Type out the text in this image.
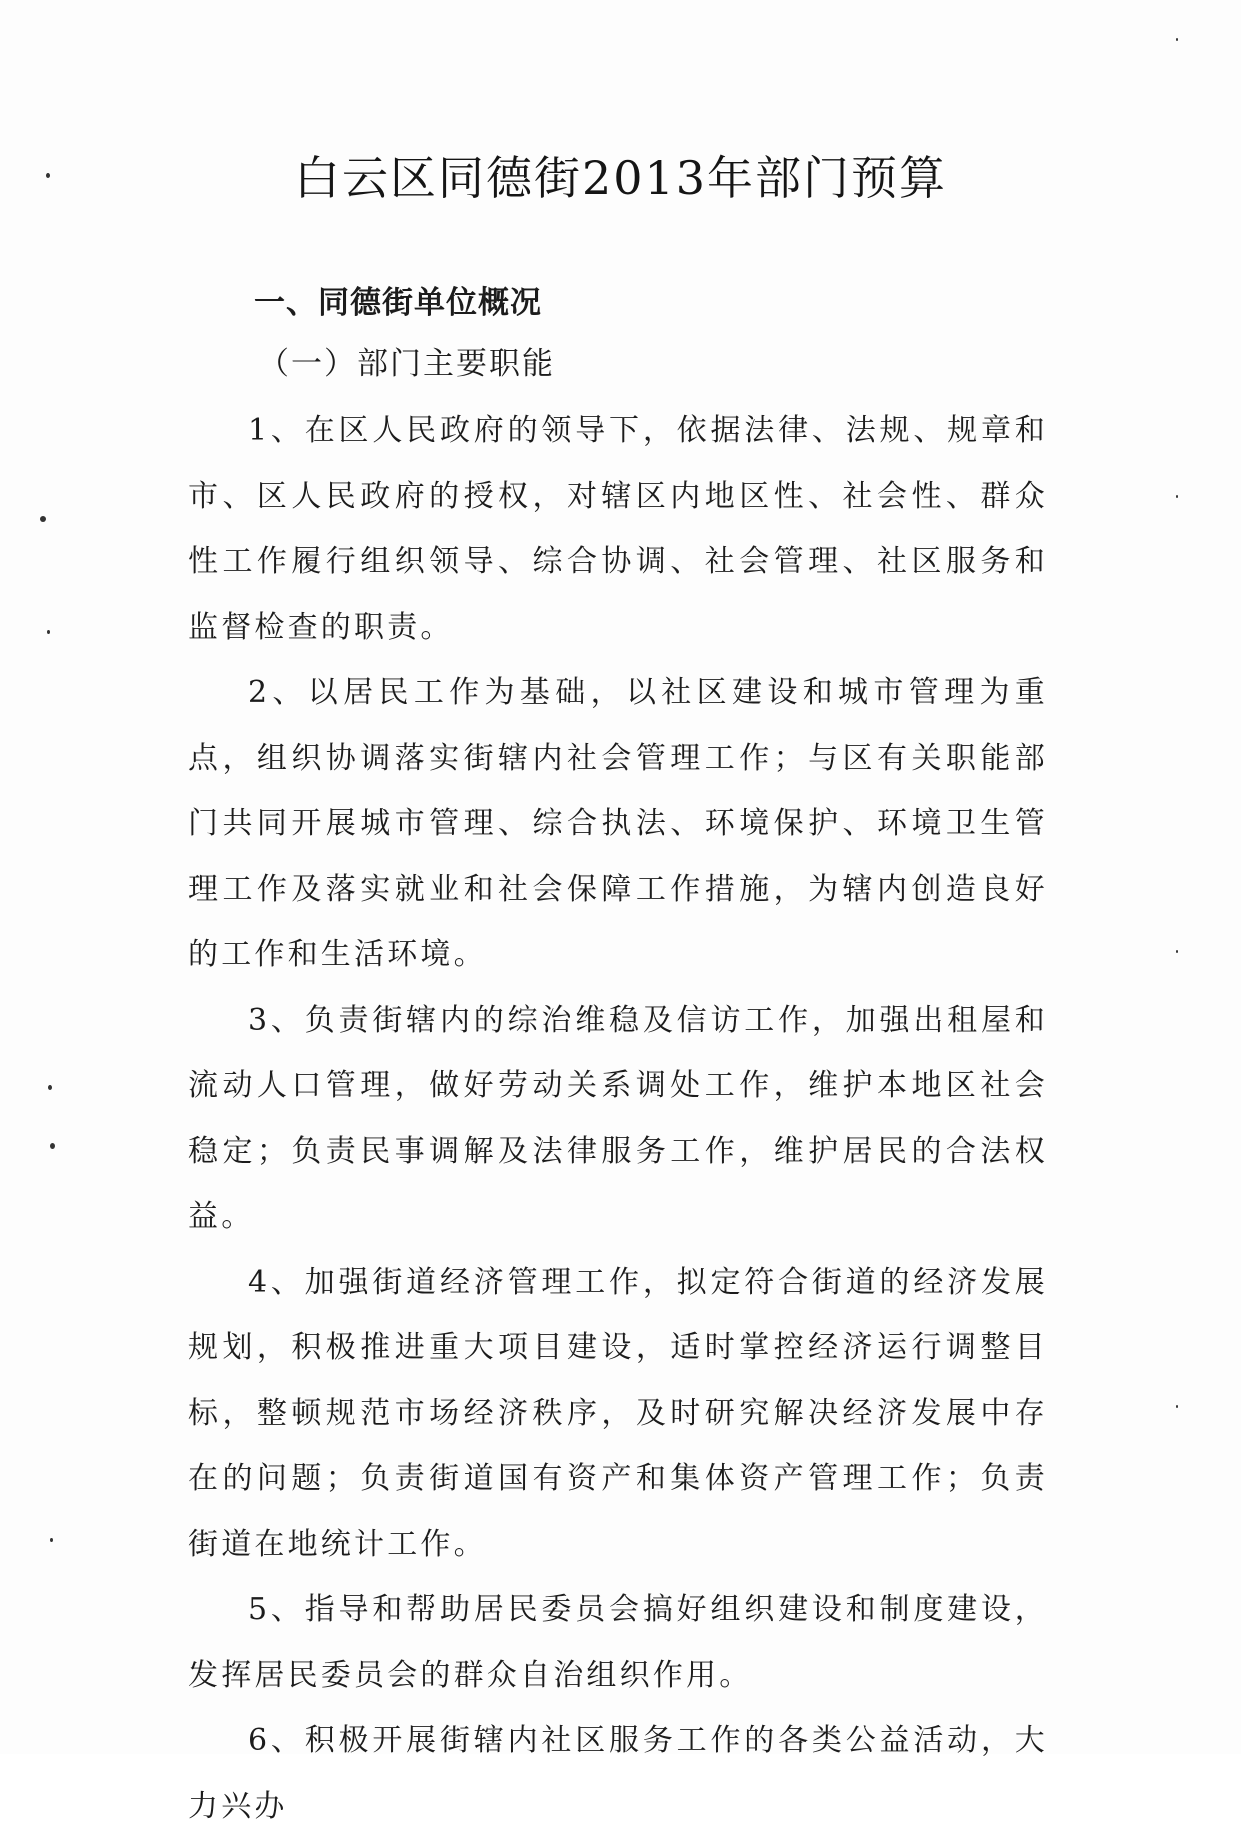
白云区同德街2013年部门预算
一、同德街单位概况
（一）部门主要职能

1、在区人民政府的领导下，依据法律、法规、规章和市、区人民政府的授权，对辖区内地区性、社会性、群众性工作履行组织领导、综合协调、社会管理、社区服务和监督检查的职责。

2、以居民工作为基础，以社区建设和城市管理为重点，组织协调落实街辖内社会管理工作；与区有关职能部门共同开展城市管理、综合执法、环境保护、环境卫生管理工作及落实就业和社会保障工作措施，为辖内创造良好的工作和生活环境。

3、负责街辖内的综治维稳及信访工作，加强出租屋和流动人口管理，做好劳动关系调处工作，维护本地区社会稳定；负责民事调解及法律服务工作，维护居民的合法权益。

4、加强街道经济管理工作，拟定符合街道的经济发展规划，积极推进重大项目建设，适时掌控经济运行调整目标，整顿规范市场经济秩序，及时研究解决经济发展中存在的问题；负责街道国有资产和集体资产管理工作；负责街道在地统计工作。

5、指导和帮助居民委员会搞好组织建设和制度建设，发挥居民委员会的群众自治组织作用。

6、积极开展街辖内社区服务工作的各类公益活动，大力兴办
